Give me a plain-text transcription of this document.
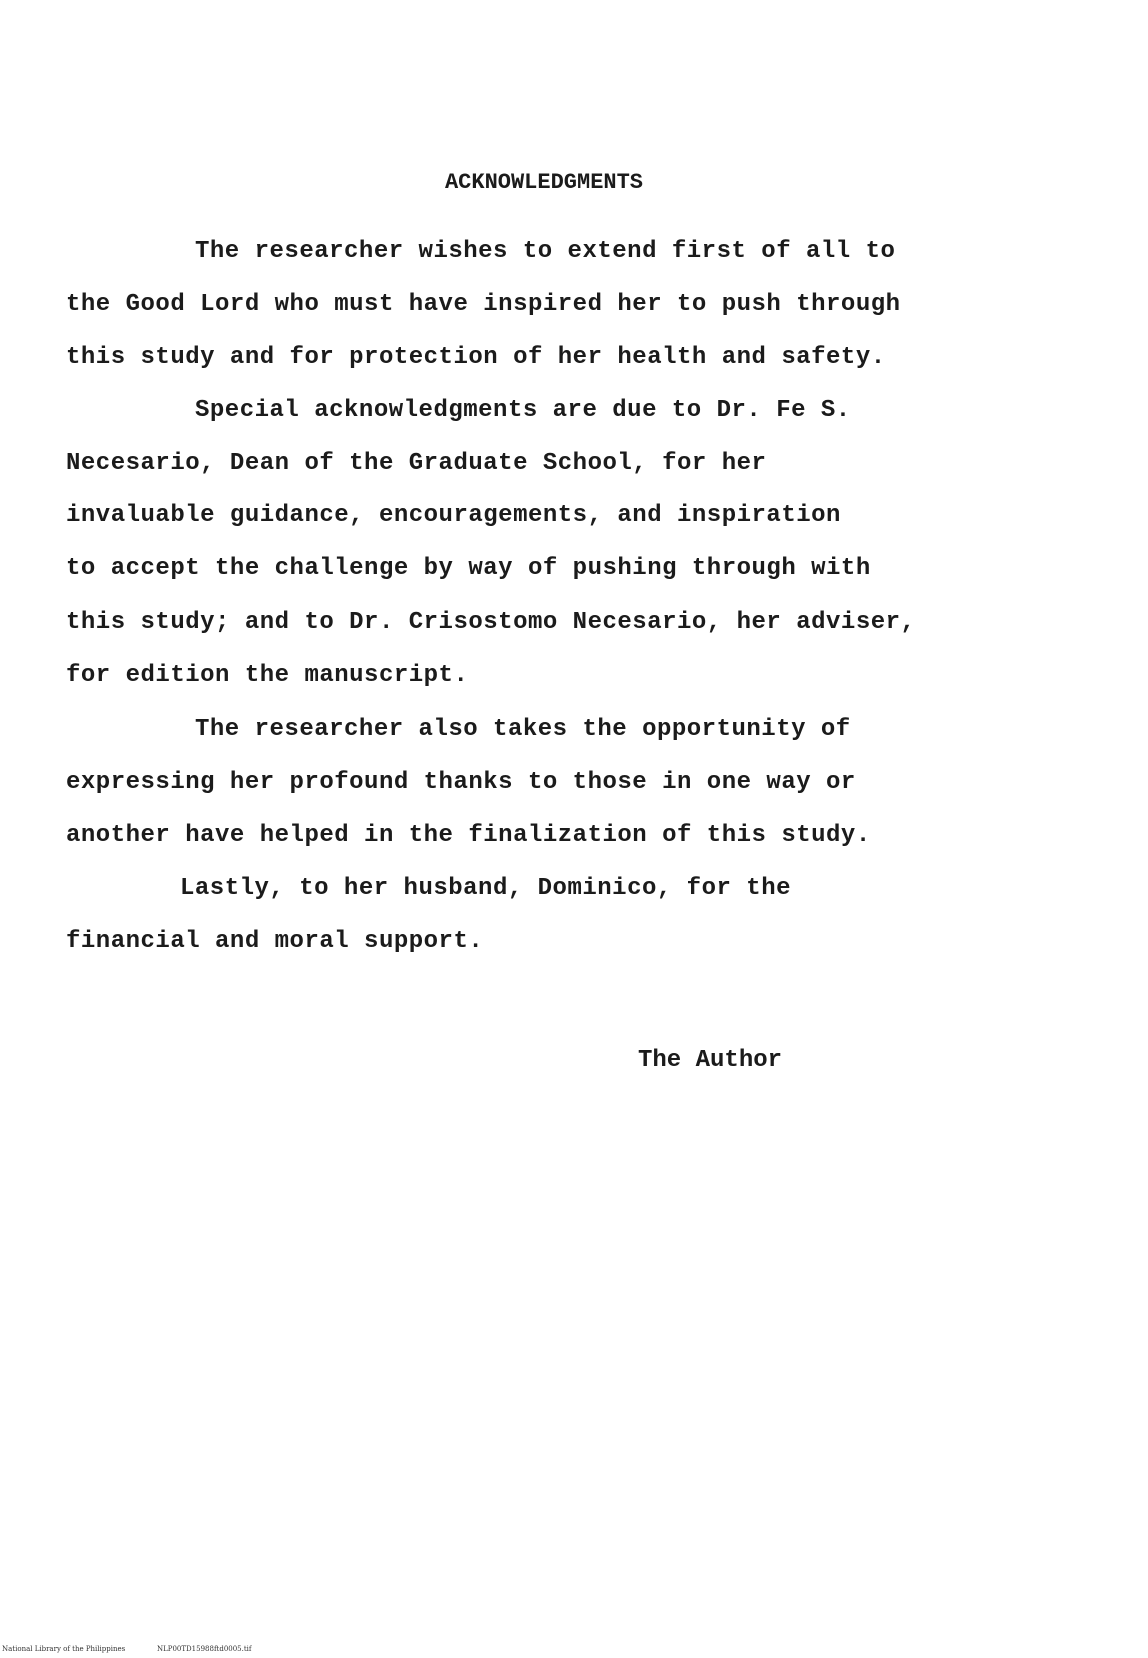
ACKNOWLEDGMENTS
The researcher wishes to extend first of all to
the Good Lord who must have inspired her to push through
this study and for protection of her health and safety.
Special acknowledgments are due to Dr. Fe S.
Necesario, Dean of the Graduate School, for her
invaluable guidance, encouragements, and inspiration
to accept the challenge by way of pushing through with
this study; and to Dr. Crisostomo Necesario, her adviser,
for edition the manuscript.
The researcher also takes the opportunity of
expressing her profound thanks to those in one way or
another have helped in the finalization of this study.
Lastly, to her husband, Dominico, for the
financial and moral support.
The Author
National Library of the Philippines	NLP00TD15988ftd0005.tif
